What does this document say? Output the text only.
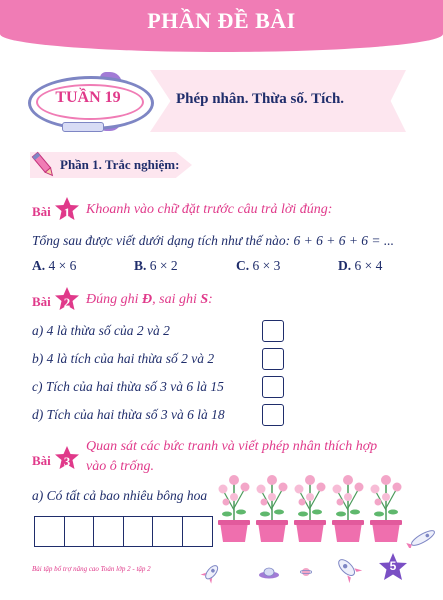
PHẦN ĐỀ BÀI
TUẦN 19	Phép nhân. Thừa số. Tích.
Phần 1. Trắc nghiệm:
Bài 1	Khoanh vào chữ đặt trước câu trả lời đúng:
Tổng sau được viết dưới dạng tích như thế nào: 6 + 6 + 6 + 6 = ...
A. 4 × 6	B. 6 × 2	C. 6 × 3	D. 6 × 4
Bài 2	Đúng ghi Đ, sai ghi S:
a) 4 là thừa số của 2 và 2
b) 4 là tích của hai thừa số 2 và 2
c) Tích của hai thừa số 3 và 6 là 15
d) Tích của hai thừa số 3 và 6 là 18
Bài 3
Quan sát các bức tranh và viết phép nhân thích hợp
vào ô trống.
a) Có tất cả bao nhiêu bông hoa
Bài tập bổ trợ nâng cao Toán lớp 2 - tập 2	5
